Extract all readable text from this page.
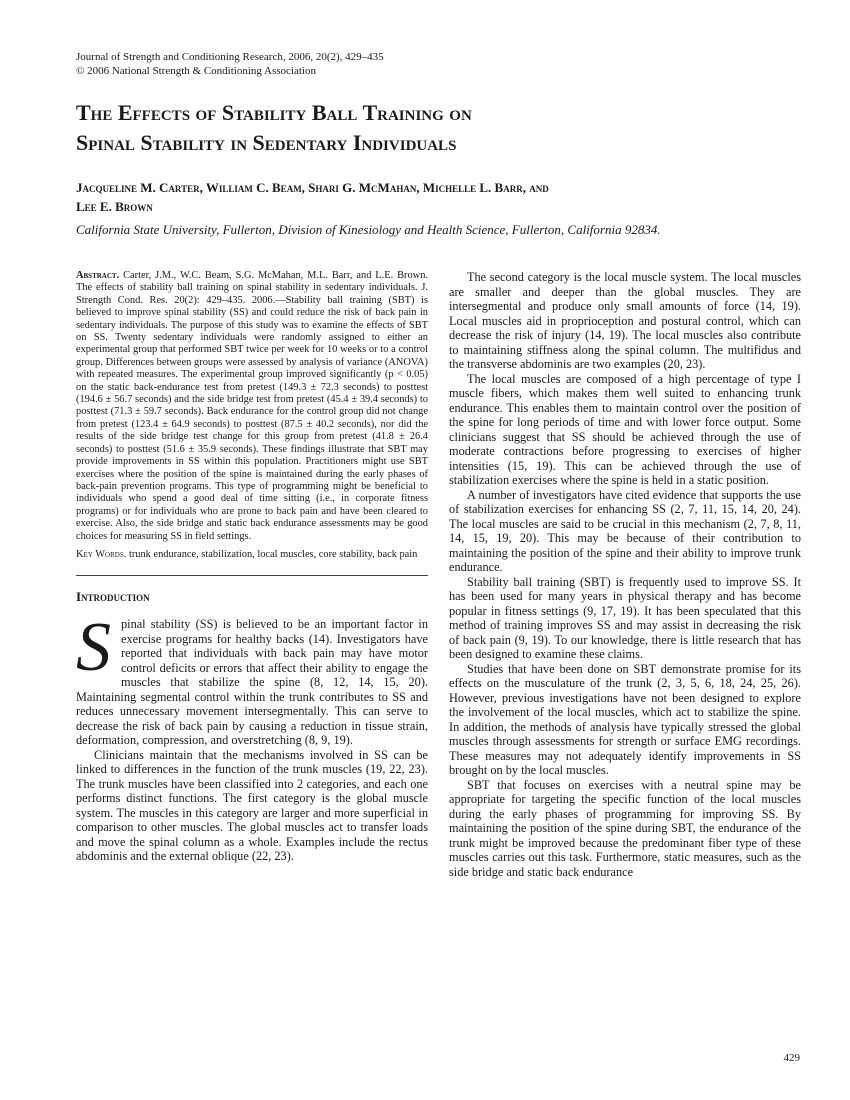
Journal of Strength and Conditioning Research, 2006, 20(2), 429–435
© 2006 National Strength & Conditioning Association
The Effects of Stability Ball Training on
Spinal Stability in Sedentary Individuals
Jacqueline M. Carter, William C. Beam, Shari G. McMahan, Michelle L. Barr, and
Lee E. Brown
California State University, Fullerton, Division of Kinesiology and Health Science, Fullerton, California 92834.
Abstract. Carter, J.M., W.C. Beam, S.G. McMahan, M.L. Barr, and L.E. Brown. The effects of stability ball training on spinal stability in sedentary individuals. J. Strength Cond. Res. 20(2): 429–435. 2006.—Stability ball training (SBT) is believed to improve spinal stability (SS) and could reduce the risk of back pain in sedentary individuals. The purpose of this study was to examine the effects of SBT on SS. Twenty sedentary individuals were randomly assigned to either an experimental group that performed SBT twice per week for 10 weeks or to a control group. Differences between groups were assessed by analysis of variance (ANOVA) with repeated measures. The experimental group improved significantly (p < 0.05) on the static back-endurance test from pretest (149.3 ± 72.3 seconds) to posttest (194.6 ± 56.7 seconds) and the side bridge test from pretest (45.4 ± 39.4 seconds) to posttest (71.3 ± 59.7 seconds). Back endurance for the control group did not change from pretest (123.4 ± 64.9 seconds) to posttest (87.5 ± 40.2 seconds), nor did the results of the side bridge test change for this group from pretest (41.8 ± 26.4 seconds) to posttest (51.6 ± 35.9 seconds). These findings illustrate that SBT may provide improvements in SS within this population. Practitioners might use SBT exercises where the position of the spine is maintained during the early phases of back-pain prevention programs. This type of programming might be beneficial to individuals who spend a good deal of time sitting (i.e., in corporate fitness programs) or for individuals who are prone to back pain and have been cleared to exercise. Also, the side bridge and static back endurance assessments may be good choices for measuring SS in field settings.
Key Words. trunk endurance, stabilization, local muscles, core stability, back pain
Introduction

Spinal stability (SS) is believed to be an important factor in exercise programs for healthy backs (14). Investigators have reported that individuals with back pain may have motor control deficits or errors that affect their ability to engage the muscles that stabilize the spine (8, 12, 14, 15, 20). Maintaining segmental control within the trunk contributes to SS and reduces unnecessary movement intersegmentally. This can serve to decrease the risk of back pain by causing a reduction in tissue strain, deformation, compression, and overstretching (8, 9, 19).

Clinicians maintain that the mechanisms involved in SS can be linked to differences in the function of the trunk muscles (19, 22, 23). The trunk muscles have been classified into 2 categories, and each one performs distinct functions. The first category is the global muscle system. The muscles in this category are larger and more superficial in comparison to other muscles. The global muscles act to transfer loads and move the spinal column as a whole. Examples include the rectus abdominis and the external oblique (22, 23).

The second category is the local muscle system. The local muscles are smaller and deeper than the global muscles. They are intersegmental and produce only small amounts of force (14, 19). Local muscles aid in proprioception and postural control, which can decrease the risk of injury (14, 19). The local muscles also contribute to maintaining stiffness along the spinal column. The multifidus and the transverse abdominis are two examples (20, 23).

The local muscles are composed of a high percentage of type I muscle fibers, which makes them well suited to enhancing trunk endurance. This enables them to maintain control over the position of the spine for long periods of time and with lower force output. Some clinicians suggest that SS should be achieved through the use of moderate contractions before progressing to exercises of higher intensities (15, 19). This can be achieved through the use of stabilization exercises where the spine is held in a static position.

A number of investigators have cited evidence that supports the use of stabilization exercises for enhancing SS (2, 7, 11, 15, 14, 20, 24). The local muscles are said to be crucial in this mechanism (2, 7, 8, 11, 14, 15, 19, 20). This may be because of their contribution to maintaining the position of the spine and their ability to improve trunk endurance.

Stability ball training (SBT) is frequently used to improve SS. It has been used for many years in physical therapy and has become popular in fitness settings (9, 17, 19). It has been speculated that this method of training improves SS and may assist in decreasing the risk of back pain (9, 19). To our knowledge, there is little research that has been designed to examine these claims.

Studies that have been done on SBT demonstrate promise for its effects on the musculature of the trunk (2, 3, 5, 6, 18, 24, 25, 26). However, previous investigations have not been designed to explore the involvement of the local muscles, which act to stabilize the spine. In addition, the methods of analysis have typically stressed the global muscles through assessments for strength or surface EMG recordings. These measures may not adequately identify improvements in SS brought on by the local muscles.

SBT that focuses on exercises with a neutral spine may be appropriate for targeting the specific function of the local muscles during the early phases of programming for improving SS. By maintaining the position of the spine during SBT, the endurance of the trunk might be improved because the predominant fiber type of these muscles carries out this task. Furthermore, static measures, such as the side bridge and static back endurance

429
